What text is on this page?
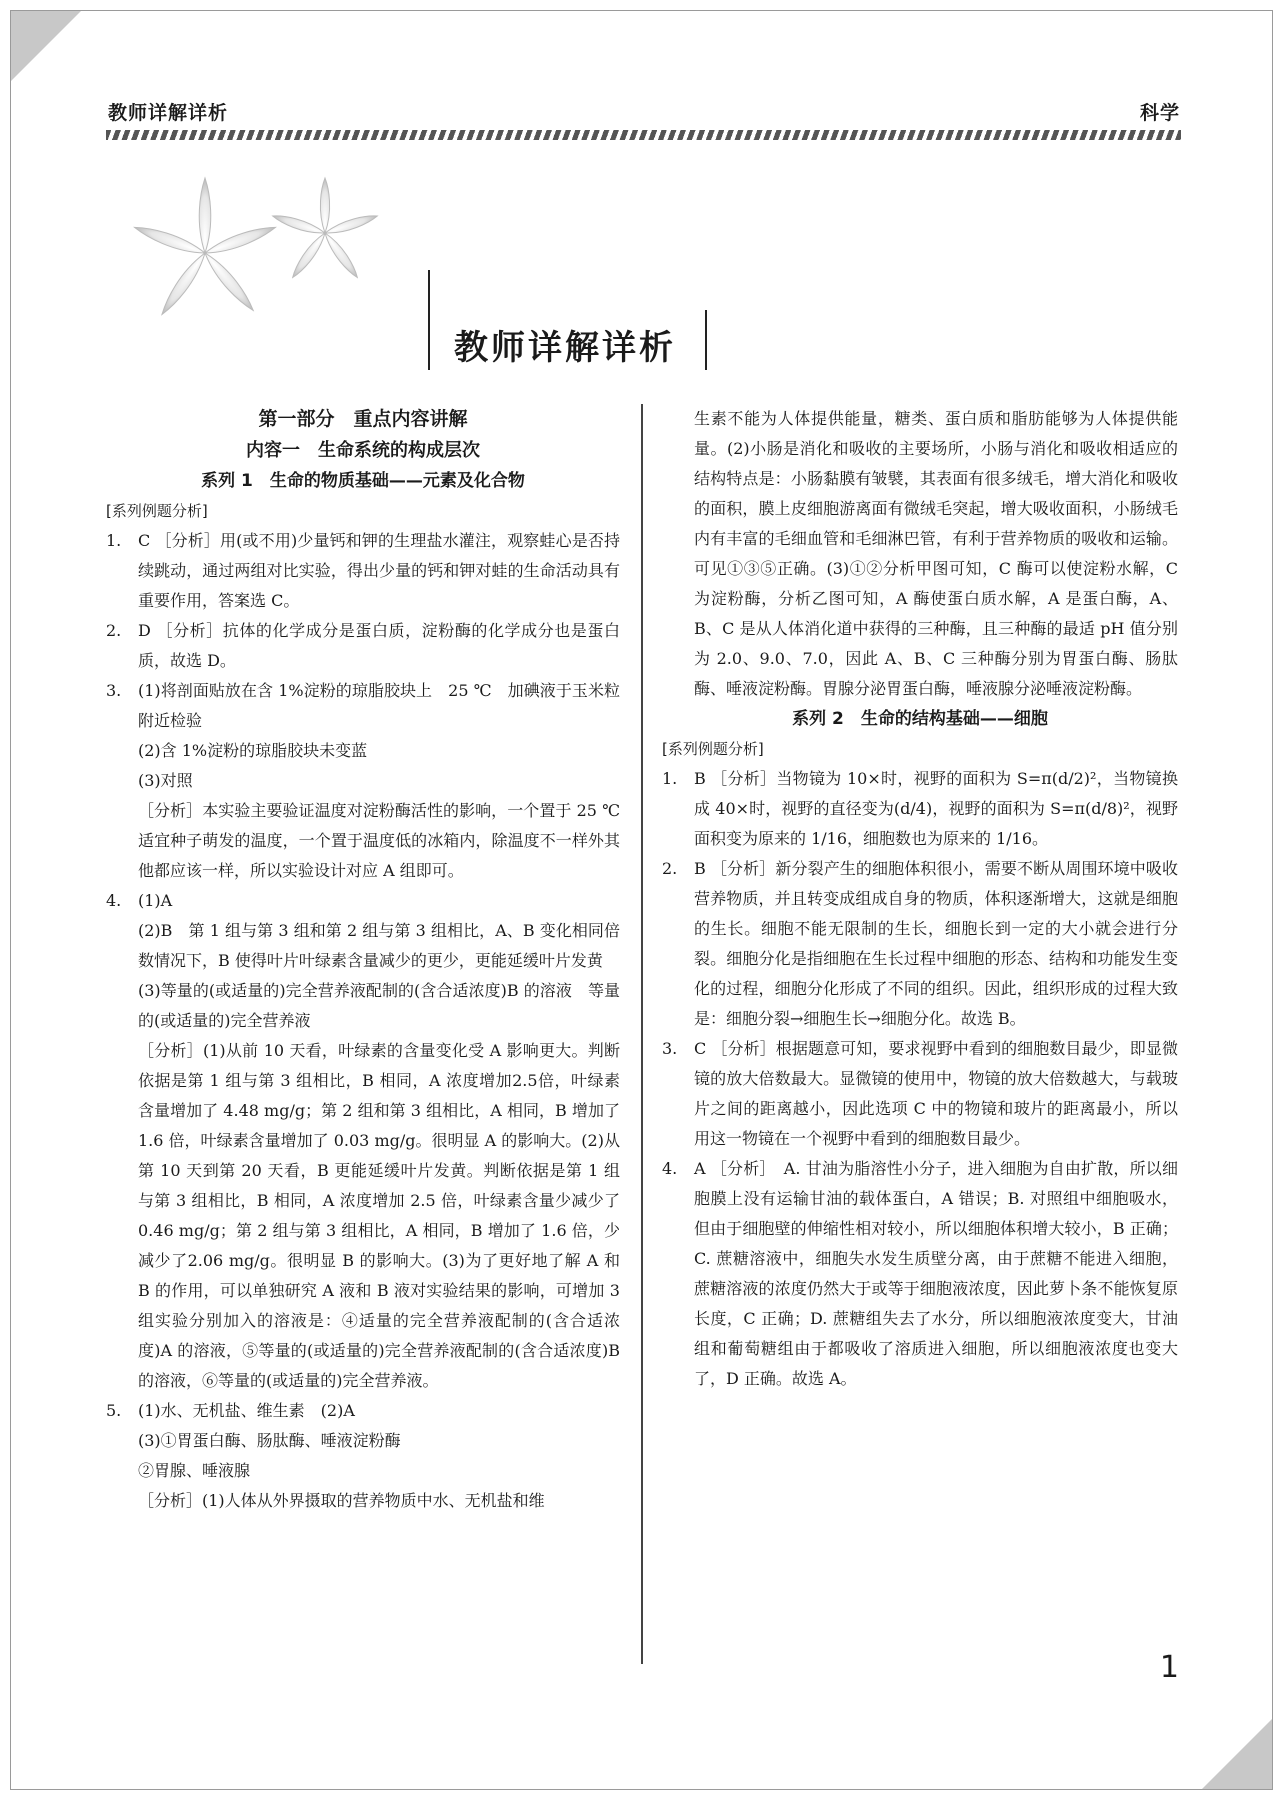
教师详解详析	科学
教师详解详析

第一部分　重点内容讲解

内容一　生命系统的构成层次

系列 1　生命的物质基础——元素及化合物

[系列例题分析]

1. C ［分析］用(或不用)少量钙和钾的生理盐水灌注，观察蛙心是否持续跳动，通过两组对比实验，得出少量的钙和钾对蛙的生命活动具有重要作用，答案选 C。

2. D ［分析］抗体的化学成分是蛋白质，淀粉酶的化学成分也是蛋白质，故选 D。

3. (1)将剖面贴放在含 1%淀粉的琼脂胶块上　25 ℃　加碘液于玉米粒附近检验

(2)含 1%淀粉的琼脂胶块未变蓝

(3)对照

［分析］本实验主要验证温度对淀粉酶活性的影响，一个置于 25 ℃适宜种子萌发的温度，一个置于温度低的冰箱内，除温度不一样外其他都应该一样，所以实验设计对应 A 组即可。

4. (1)A

(2)B　第 1 组与第 3 组和第 2 组与第 3 组相比，A、B 变化相同倍数情况下，B 使得叶片叶绿素含量减少的更少，更能延缓叶片发黄

(3)等量的(或适量的)完全营养液配制的(含合适浓度)B 的溶液　等量的(或适量的)完全营养液

［分析］(1)从前 10 天看，叶绿素的含量变化受 A 影响更大。判断依据是第 1 组与第 3 组相比，B 相同，A 浓度增加2.5倍，叶绿素含量增加了 4.48 mg/g；第 2 组和第 3 组相比，A 相同，B 增加了 1.6 倍，叶绿素含量增加了 0.03 mg/g。很明显 A 的影响大。(2)从第 10 天到第 20 天看，B 更能延缓叶片发黄。判断依据是第 1 组与第 3 组相比，B 相同，A 浓度增加 2.5 倍，叶绿素含量少减少了 0.46 mg/g；第 2 组与第 3 组相比，A 相同，B 增加了 1.6 倍，少减少了2.06 mg/g。很明显 B 的影响大。(3)为了更好地了解 A 和 B 的作用，可以单独研究 A 液和 B 液对实验结果的影响，可增加 3 组实验分别加入的溶液是：④适量的完全营养液配制的(含合适浓度)A 的溶液，⑤等量的(或适量的)完全营养液配制的(含合适浓度)B 的溶液，⑥等量的(或适量的)完全营养液。

5. (1)水、无机盐、维生素　(2)A

(3)①胃蛋白酶、肠肽酶、唾液淀粉酶

②胃腺、唾液腺

［分析］(1)人体从外界摄取的营养物质中水、无机盐和维

生素不能为人体提供能量，糖类、蛋白质和脂肪能够为人体提供能量。(2)小肠是消化和吸收的主要场所，小肠与消化和吸收相适应的结构特点是：小肠黏膜有皱襞，其表面有很多绒毛，增大消化和吸收的面积，膜上皮细胞游离面有微绒毛突起，增大吸收面积，小肠绒毛内有丰富的毛细血管和毛细淋巴管，有利于营养物质的吸收和运输。可见①③⑤正确。(3)①②分析甲图可知，C 酶可以使淀粉水解，C 为淀粉酶，分析乙图可知，A 酶使蛋白质水解，A 是蛋白酶，A、B、C 是从人体消化道中获得的三种酶，且三种酶的最适 pH 值分别为 2.0、9.0、7.0，因此 A、B、C 三种酶分别为胃蛋白酶、肠肽酶、唾液淀粉酶。胃腺分泌胃蛋白酶，唾液腺分泌唾液淀粉酶。

系列 2　生命的结构基础——细胞

[系列例题分析]

1. B ［分析］当物镜为 10×时，视野的面积为 S=π(d/2)²，当物镜换成 40×时，视野的直径变为(d/4)，视野的面积为 S=π(d/8)²，视野面积变为原来的 1/16，细胞数也为原来的 1/16。

2. B ［分析］新分裂产生的细胞体积很小，需要不断从周围环境中吸收营养物质，并且转变成组成自身的物质，体积逐渐增大，这就是细胞的生长。细胞不能无限制的生长，细胞长到一定的大小就会进行分裂。细胞分化是指细胞在生长过程中细胞的形态、结构和功能发生变化的过程，细胞分化形成了不同的组织。因此，组织形成的过程大致是：细胞分裂→细胞生长→细胞分化。故选 B。

3. C ［分析］根据题意可知，要求视野中看到的细胞数目最少，即显微镜的放大倍数最大。显微镜的使用中，物镜的放大倍数越大，与载玻片之间的距离越小，因此选项 C 中的物镜和玻片的距离最小，所以用这一物镜在一个视野中看到的细胞数目最少。

4. A ［分析］　A. 甘油为脂溶性小分子，进入细胞为自由扩散，所以细胞膜上没有运输甘油的载体蛋白，A 错误；B. 对照组中细胞吸水，但由于细胞壁的伸缩性相对较小，所以细胞体积增大较小，B 正确；C. 蔗糖溶液中，细胞失水发生质壁分离，由于蔗糖不能进入细胞，蔗糖溶液的浓度仍然大于或等于细胞液浓度，因此萝卜条不能恢复原长度，C 正确；D. 蔗糖组失去了水分，所以细胞液浓度变大，甘油组和葡萄糖组由于都吸收了溶质进入细胞，所以细胞液浓度也变大了，D 正确。故选 A。

1
